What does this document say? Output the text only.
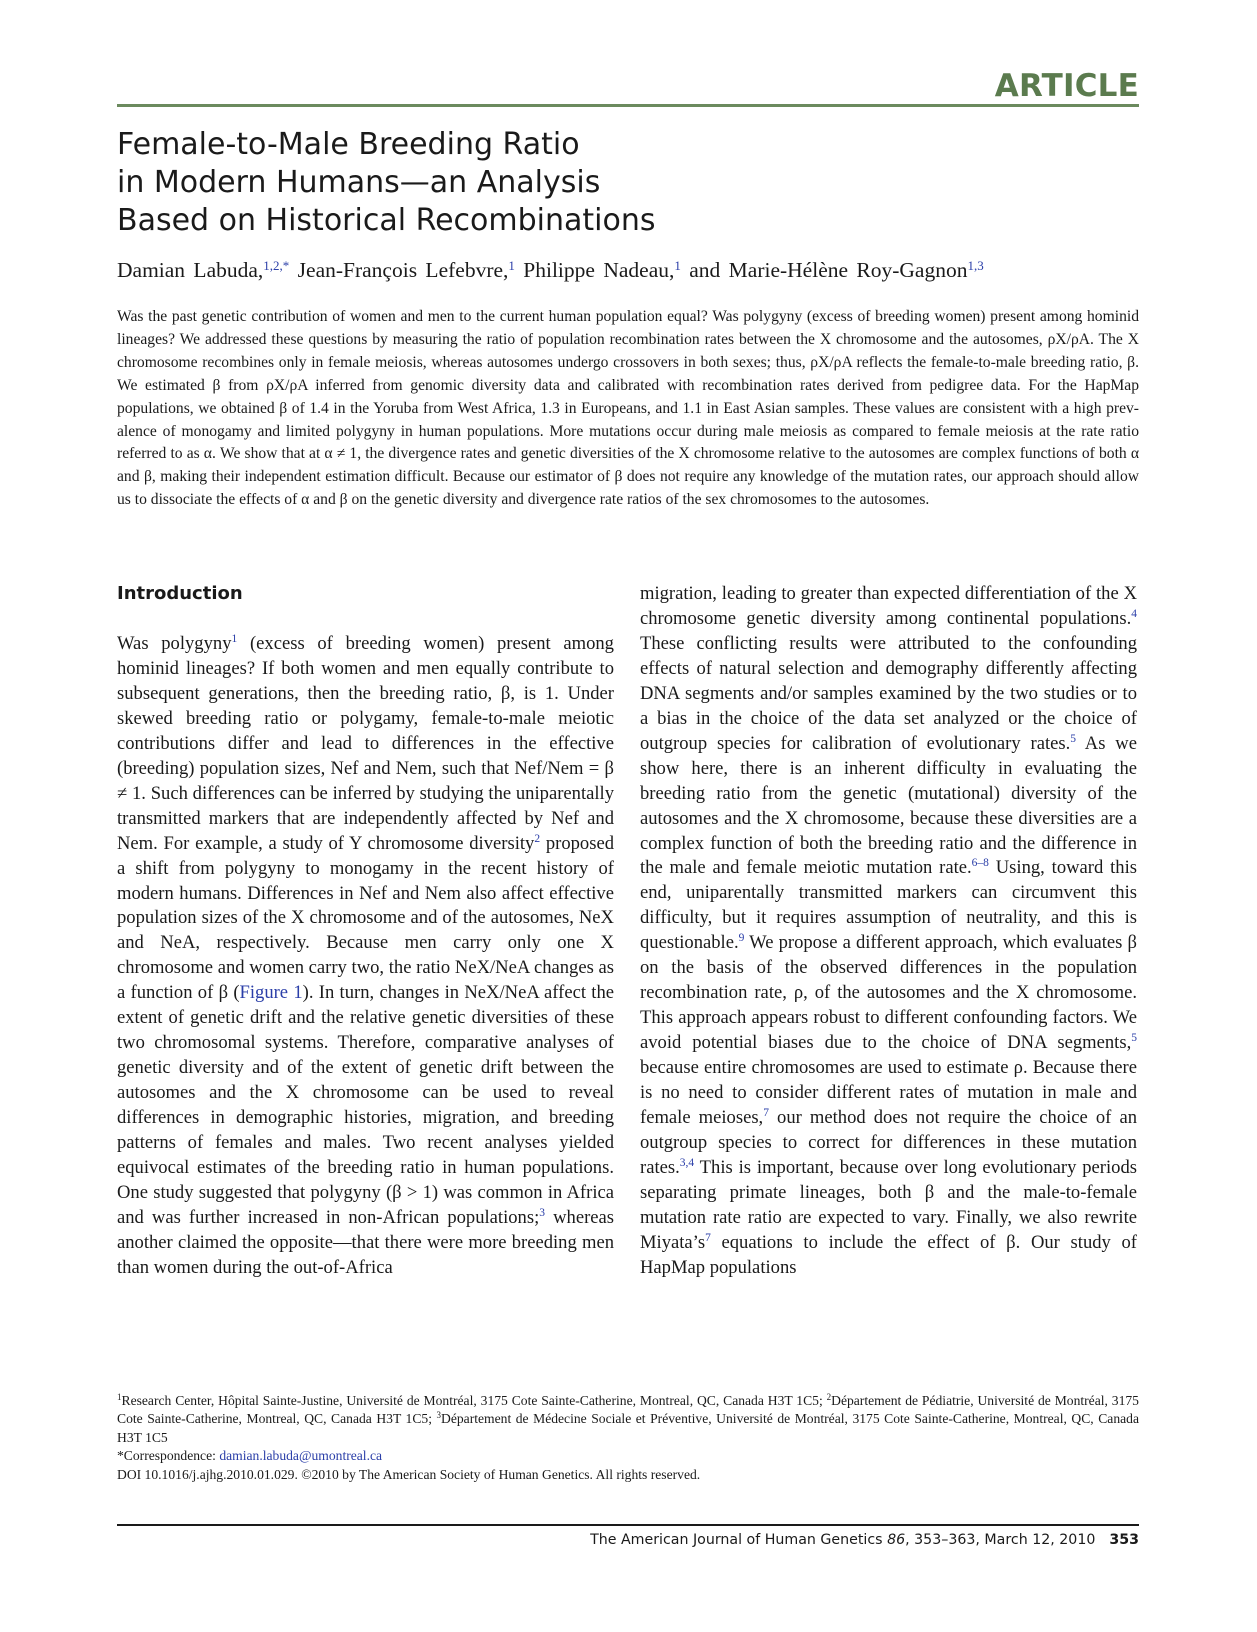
ARTICLE
Female-to-Male Breeding Ratio
in Modern Humans—an Analysis
Based on Historical Recombinations
Damian Labuda,$^{1,2,*}$ Jean-François Lefebvre,$^1$ Philippe Nadeau,$^1$ and Marie-Hélène Roy-Gagnon$^{1,3}$

Was the past genetic contribution of women and men to the current human population equal? Was polygyny (excess of breeding women) present among hominid lineages? We addressed these questions by measuring the ratio of population recombination rates between the X chromosome and the autosomes, ρX/ρA. The X chromosome recombines only in female meiosis, whereas autosomes undergo crossovers in both sexes; thus, ρX/ρA reflects the female-to-male breeding ratio, β. We estimated β from ρX/ρA inferred from genomic diversity data and calibrated with recombination rates derived from pedigree data. For the HapMap populations, we obtained β of 1.4 in the Yoruba from West Africa, 1.3 in Europeans, and 1.1 in East Asian samples. These values are consistent with a high prevalence of monogamy and limited polygyny in human populations. More mutations occur during male meiosis as compared to female meiosis at the rate ratio referred to as α. We show that at α ≠ 1, the divergence rates and genetic diversities of the X chromosome relative to the autosomes are complex functions of both α and β, making their independent estimation difficult. Because our estimator of β does not require any knowledge of the mutation rates, our approach should allow us to dissociate the effects of α and β on the genetic diversity and divergence rate ratios of the sex chromosomes to the autosomes.

Introduction

Was polygyny$^1$ (excess of breeding women) present among hominid lineages? If both women and men equally contribute to subsequent generations, then the breeding ratio, β, is 1. Under skewed breeding ratio or polygamy, female-to-male meiotic contributions differ and lead to differences in the effective (breeding) population sizes, Nef and Nem, such that Nef/Nem = β ≠ 1. Such differences can be inferred by studying the uniparentally transmitted markers that are independently affected by Nef and Nem. For example, a study of Y chromosome diversity$^2$ proposed a shift from polygyny to monogamy in the recent history of modern humans. Differences in Nef and Nem also affect effective population sizes of the X chromosome and of the autosomes, NeX and NeA, respectively. Because men carry only one X chromosome and women carry two, the ratio NeX/NeA changes as a function of β (Figure 1). In turn, changes in NeX/NeA affect the extent of genetic drift and the relative genetic diversities of these two chromosomal systems. Therefore, comparative analyses of genetic diversity and of the extent of genetic drift between the autosomes and the X chromosome can be used to reveal differences in demographic histories, migration, and breeding patterns of females and males. Two recent analyses yielded equivocal estimates of the breeding ratio in human populations. One study suggested that polygyny (β > 1) was common in Africa and was further increased in non-African populations;$^3$ whereas another claimed the opposite—that there were more breeding men than women during the out-of-Africa

migration, leading to greater than expected differentiation of the X chromosome genetic diversity among continental populations.$^4$ These conflicting results were attributed to the confounding effects of natural selection and demography differently affecting DNA segments and/or samples examined by the two studies or to a bias in the choice of the data set analyzed or the choice of outgroup species for calibration of evolutionary rates.$^5$ As we show here, there is an inherent difficulty in evaluating the breeding ratio from the genetic (mutational) diversity of the autosomes and the X chromosome, because these diversities are a complex function of both the breeding ratio and the difference in the male and female meiotic mutation rate.$^{6-8}$ Using, toward this end, uniparentally transmitted markers can circumvent this difficulty, but it requires assumption of neutrality, and this is questionable.$^9$ We propose a different approach, which evaluates β on the basis of the observed differences in the population recombination rate, ρ, of the autosomes and the X chromosome. This approach appears robust to different confounding factors. We avoid potential biases due to the choice of DNA segments,$^5$ because entire chromosomes are used to estimate ρ. Because there is no need to consider different rates of mutation in male and female meioses,$^7$ our method does not require the choice of an outgroup species to correct for differences in these mutation rates.$^{3,4}$ This is important, because over long evolutionary periods separating primate lineages, both β and the male-to-female mutation rate ratio are expected to vary. Finally, we also rewrite Miyata’s$^7$ equations to include the effect of β. Our study of HapMap populations

$^1$Research Center, Hôpital Sainte-Justine, Université de Montréal, 3175 Cote Sainte-Catherine, Montreal, QC, Canada H3T 1C5; $^2$Département de Pédiatrie, Université de Montréal, 3175 Cote Sainte-Catherine, Montreal, QC, Canada H3T 1C5; $^3$Département de Médecine Sociale et Préventive, Université de Montréal, 3175 Cote Sainte-Catherine, Montreal, QC, Canada H3T 1C5

*Correspondence: damian.labuda@umontreal.ca

DOI 10.1016/j.ajhg.2010.01.029. ©2010 by The American Society of Human Genetics. All rights reserved.

The American Journal of Human Genetics 86, 353–363, March 12, 2010 353
